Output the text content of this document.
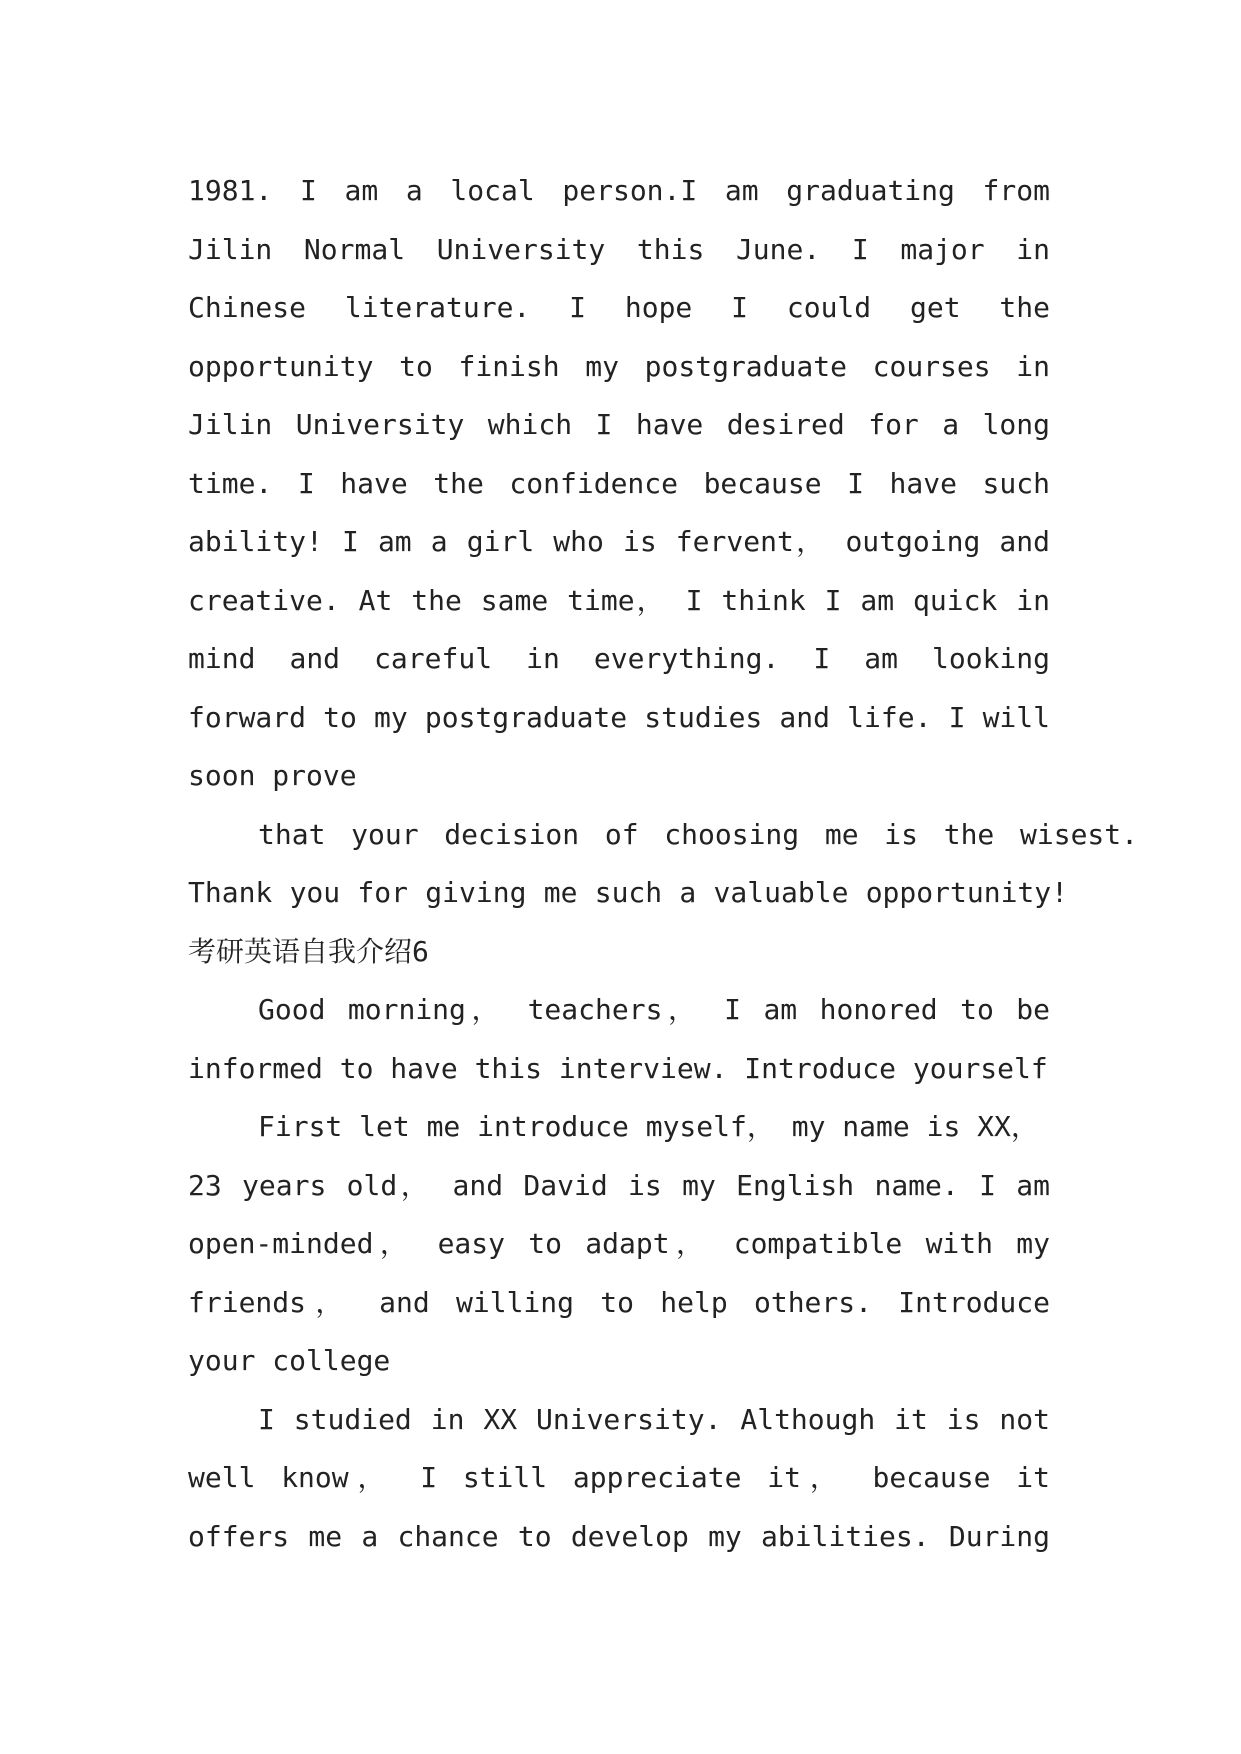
1981. I am a local person.I am graduating from
Jilin Normal University this June. I major in
Chinese literature. I hope I could get the
opportunity to finish my postgraduate courses in
Jilin University which I have desired for a long
time. I have the confidence because I have such
ability! I am a girl who is fervent， outgoing and
creative. At the same time， I think I am quick in
mind and careful in everything. I am looking
forward to my postgraduate studies and life. I will
soon prove
that your decision of choosing me is the wisest.
Thank you for giving me such a valuable opportunity!
考研英语自我介绍6
Good morning， teachers， I am honored to be
informed to have this interview. Introduce yourself
First let me introduce myself， my name is XX，
23 years old， and David is my English name. I am
open-minded， easy to adapt， compatible with my
friends， and willing to help others. Introduce
your college
I studied in XX University. Although it is not
well know， I still appreciate it， because it
offers me a chance to develop my abilities. During
